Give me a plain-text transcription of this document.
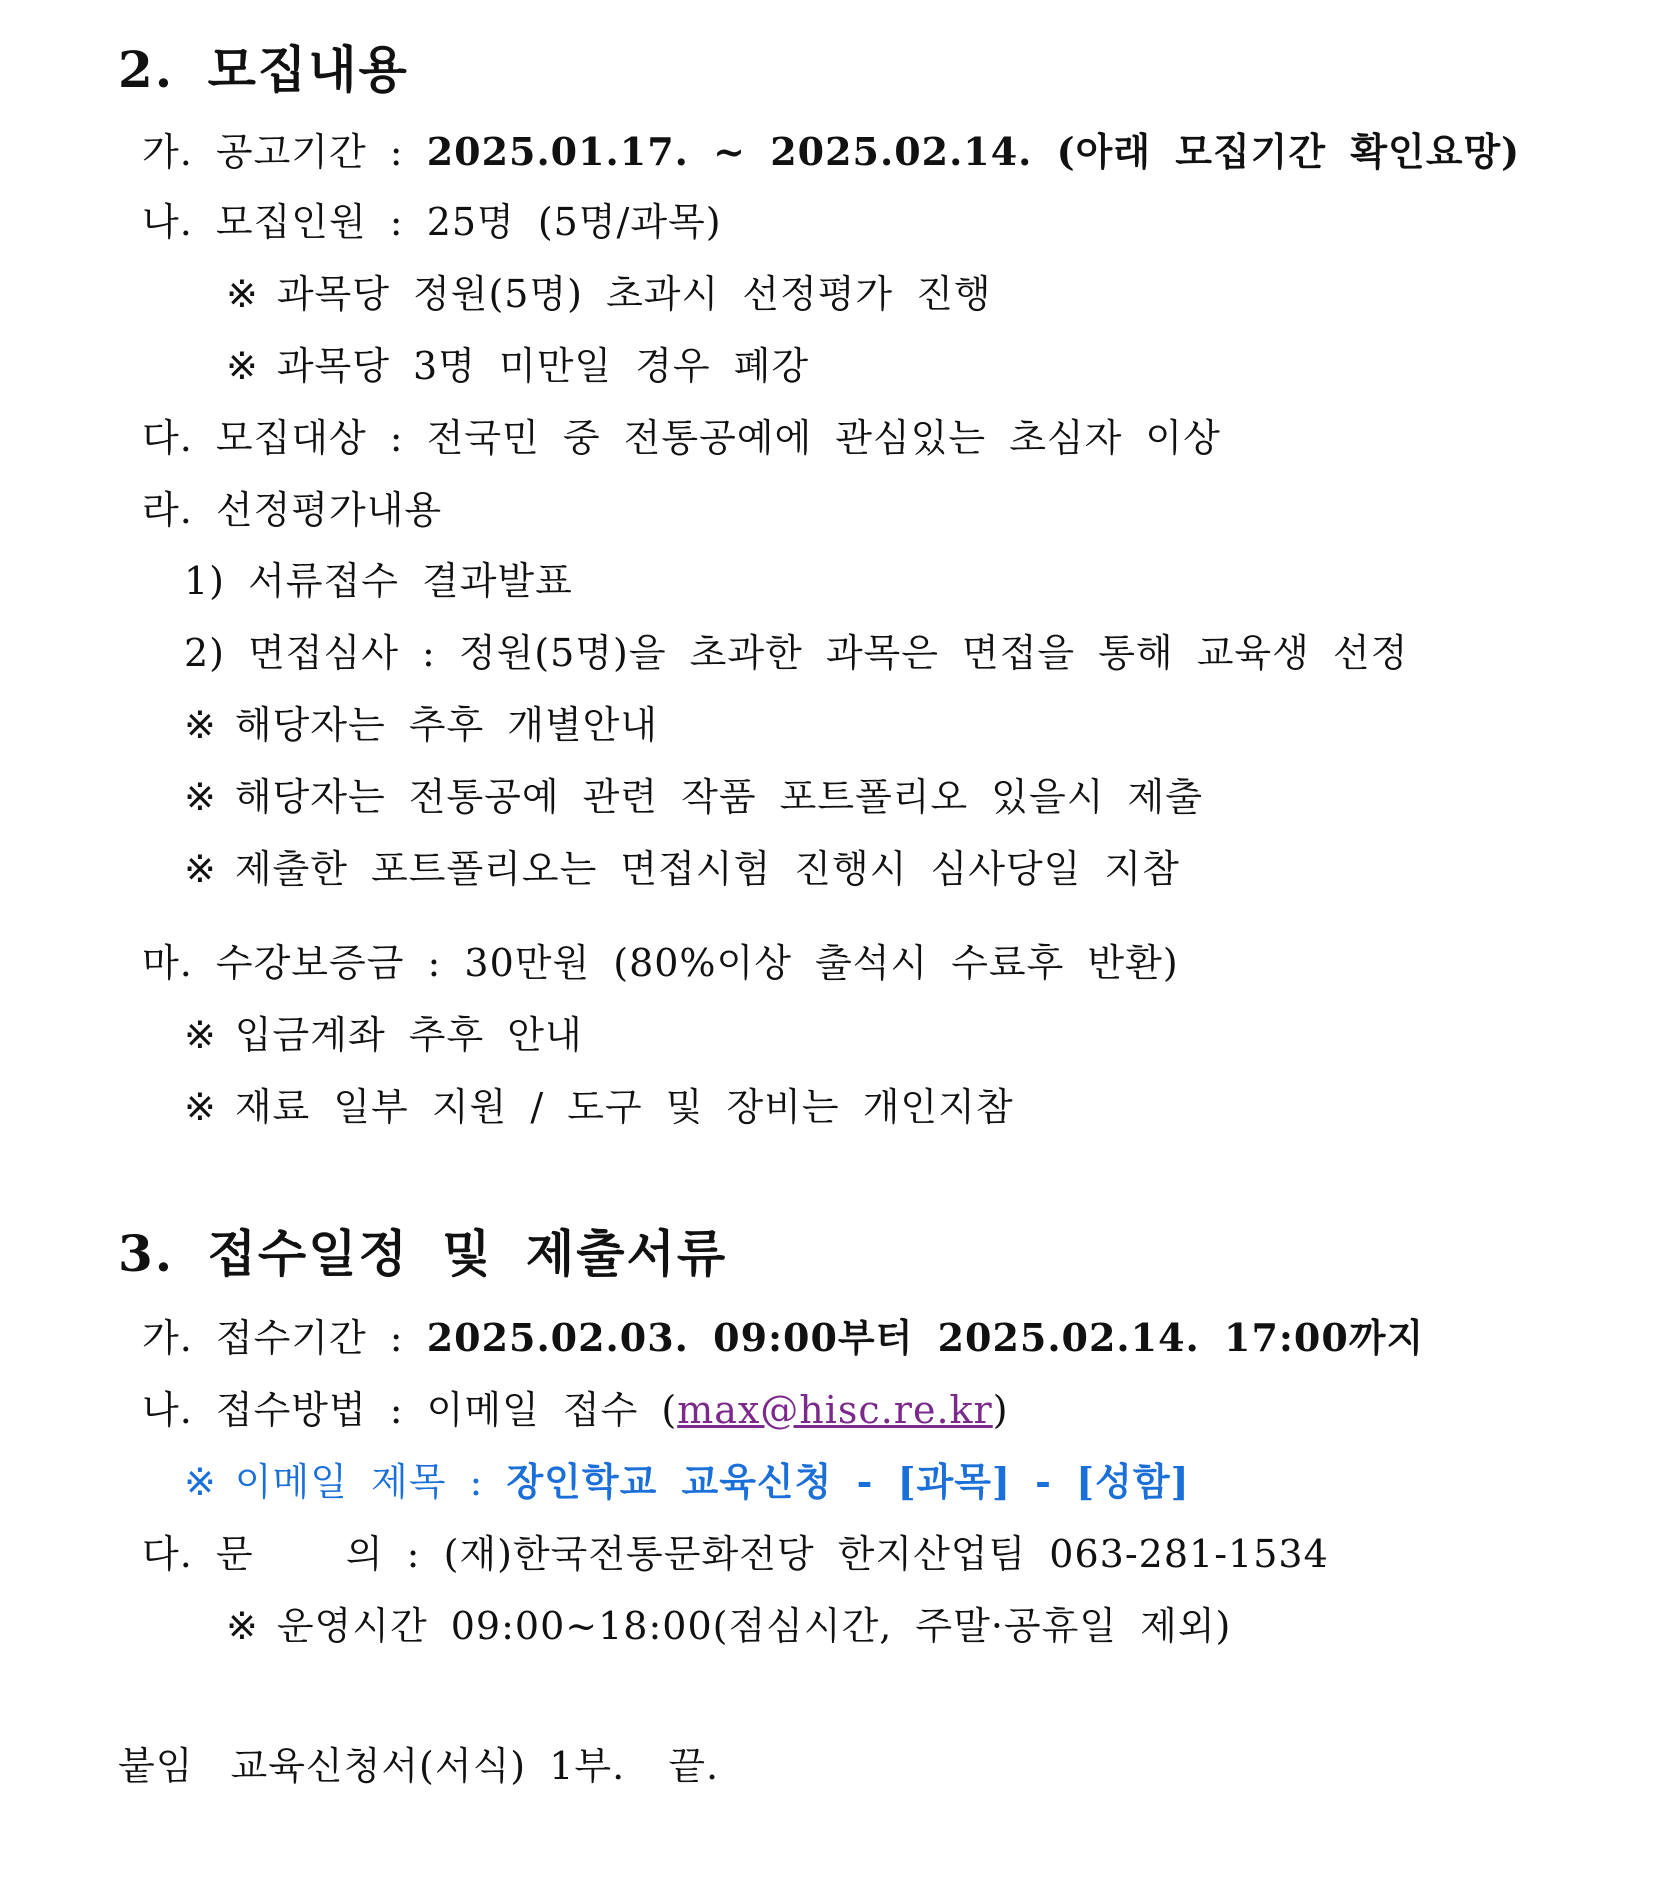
2. 모집내용
가. 공고기간 : 2025.01.17. ~ 2025.02.14. (아래 모집기간 확인요망)
나. 모집인원 : 25명 (5명/과목)
※ 과목당 정원(5명) 초과시 선정평가 진행
※ 과목당 3명 미만일 경우 폐강
다. 모집대상 : 전국민 중 전통공예에 관심있는 초심자 이상
라. 선정평가내용
1) 서류접수 결과발표
2) 면접심사 : 정원(5명)을 초과한 과목은 면접을 통해 교육생 선정
※ 해당자는 추후 개별안내
※ 해당자는 전통공예 관련 작품 포트폴리오 있을시 제출
※ 제출한 포트폴리오는 면접시험 진행시 심사당일 지참
마. 수강보증금 : 30만원 (80%이상 출석시 수료후 반환)
※ 입금계좌 추후 안내
※ 재료 일부 지원 / 도구 및 장비는 개인지참
3. 접수일정 및 제출서류
가. 접수기간 : 2025.02.03. 09:00부터 2025.02.14. 17:00까지
나. 접수방법 : 이메일 접수 (max@hisc.re.kr)
※ 이메일 제목 : 장인학교 교육신청 - [과목] - [성함]
다. 문    의 : (재)한국전통문화전당 한지산업팀 063-281-1534
※ 운영시간 09:00~18:00(점심시간, 주말·공휴일 제외)
붙임 교육신청서(서식) 1부. 끝.
